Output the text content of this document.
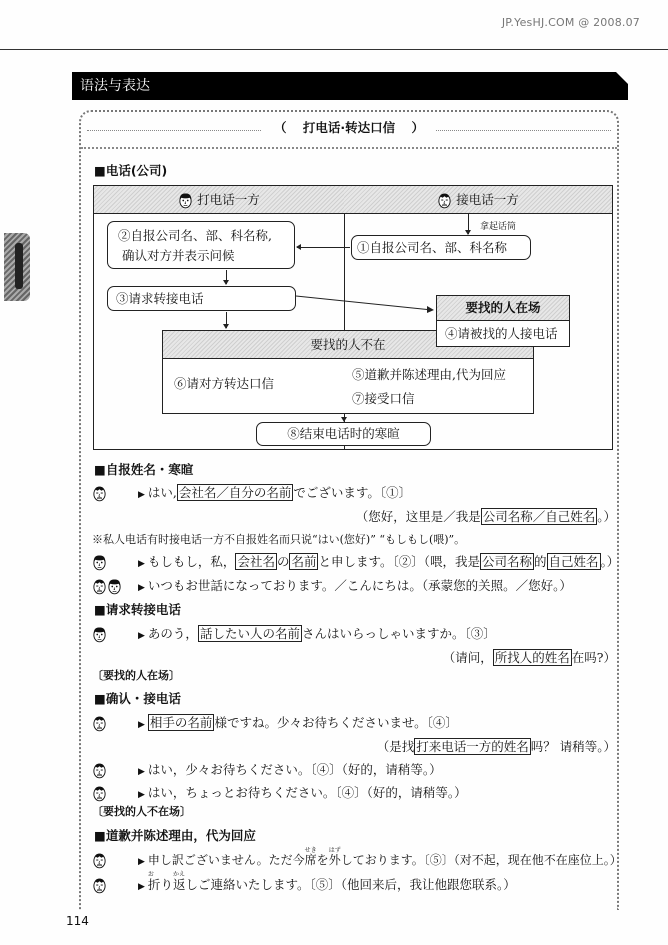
JP.YesHJ.COM @ 2008.07
语法与表达
（ 打电话·转达口信 ）
■ 电话(公司)
打电话一方	接电话一方
拿起话筒
②自报公司名、部、科名称,
确认对方并表示问候
①自报公司名、部、科名称
③请求转接电话
要找的人不在
⑥请对方转达口信
⑤道歉并陈述理由,代为回应
⑦接受口信
要找的人在场
④请被找的人接电话
⑧结束电话时的寒暄
■ 自报姓名・寒暄
▶ はい, 会社名／自分の名前 でございます。〔①〕
（您好，这里是／我是 公司名称／自己姓名 。）
※私人电话有时接电话一方不自报姓名而只说“はい(您好)” “もしもし(喂)”。
▶ もしもし，私， 会社名 の 名前 と申します。〔②〕（喂，我是 公司名称 的 自己姓名 。）
▶ いつもお世話になっております。／こんにちは。（承蒙您的关照。／您好。）
■ 请求转接电话
▶ あのう， 話したい人の名前 さんはいらっしゃいますか。〔③〕
（请问， 所找人的姓名 在吗?）
〔要找的人在场〕
■ 确认・接电话
▶ 相手の名前 様ですね。少々お待ちくださいませ。〔④〕
（是找 打来电话一方的姓名 吗？ 请稍等。）
▶ はい，少々お待ちください。〔④〕（好的，请稍等。）
▶ はい，ちょっとお待ちください。〔④〕（好的，请稍等。）
〔要找的人不在场〕
■ 道歉并陈述理由，代为回应
▶ 申し訳ございません。ただ今
せき
席を
はず
外しております。〔⑤〕（对不起，现在他不在座位上。）
▶
お
折り
かえ
返しご連絡いたします。〔⑤〕（他回来后，我让他跟您联系。）
114
